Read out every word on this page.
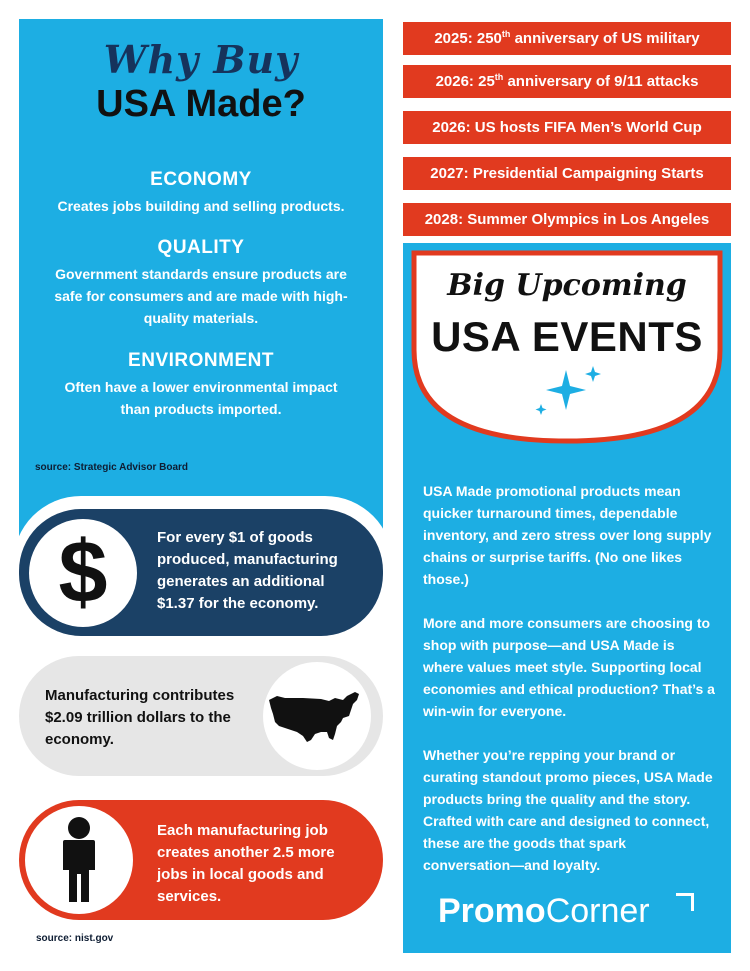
Why Buy
USA Made?
ECONOMY

Creates jobs building and selling products.

QUALITY

Government standards ensure products are safe for consumers and are made with high-quality materials.

ENVIRONMENT

Often have a lower environmental impact than products imported.

source: Strategic Advisor Board
$	For every $1 of goods produced, manufacturing generates an additional $1.37 for the economy.
Manufacturing contributes $2.09 trillion dollars to the economy.
Each manufacturing job creates another 2.5 more jobs in local goods and services.
source: nist.gov
2025: 250th anniversary of US military
2026: 25th anniversary of 9/11 attacks
2026: US hosts FIFA Men’s World Cup
2027: Presidential Campaigning Starts
2028: Summer Olympics in Los Angeles
Big Upcoming
USA EVENTS
USA Made promotional products mean quicker turnaround times, dependable inventory, and zero stress over long supply chains or surprise tariffs. (No one likes those.)
More and more consumers are choosing to shop with purpose—and USA Made is where values meet style. Supporting local economies and ethical production? That’s a win-win for everyone.
Whether you’re repping your brand or curating standout promo pieces, USA Made products bring the quality and the story. Crafted with care and designed to connect, these are the goods that spark conversation—and loyalty.
PromoCorner
